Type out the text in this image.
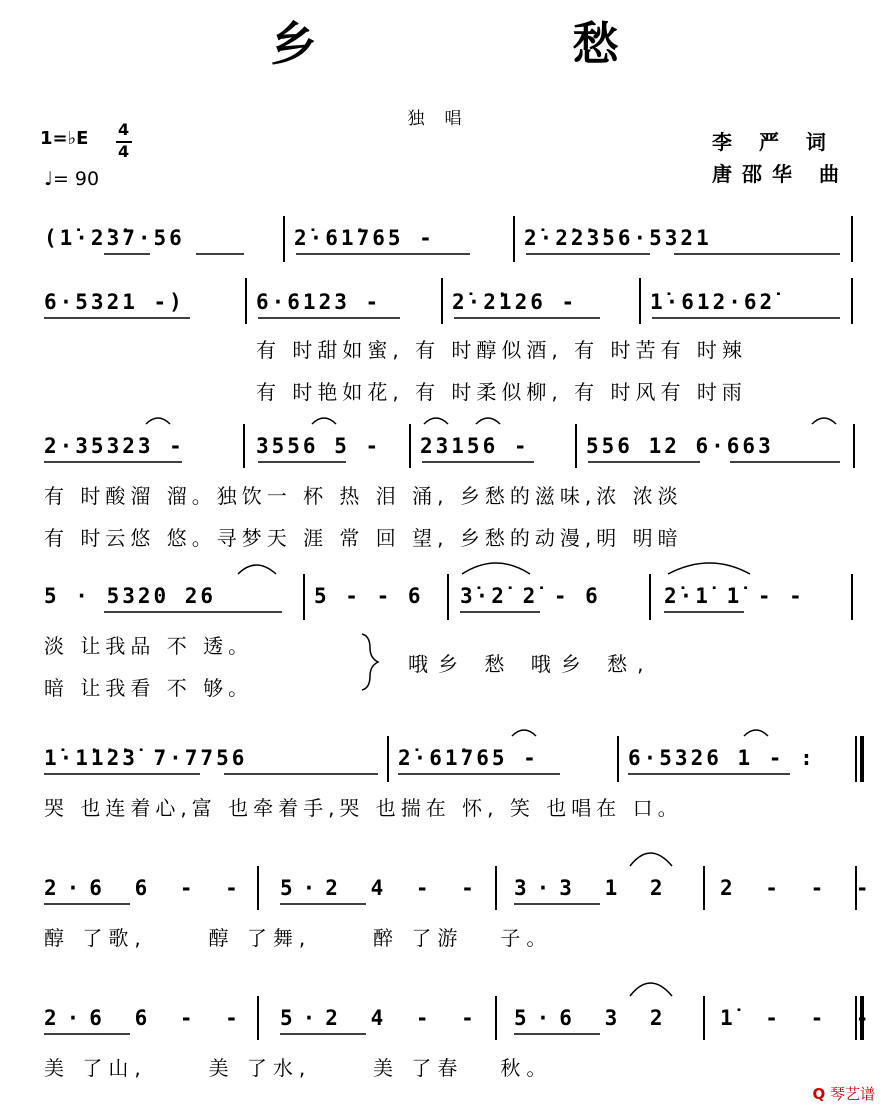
乡 愁
独唱
1=♭E 4
4
♩= 90
李 严 词
唐邵华 曲
(1̇·2̇3̇7·56	2̇·61̇765 -	2̇·2̇2̇3̇56·5321
6·5321 -)	6·6123 -	2̇·2̇126 -	1̇·612·62̇
有 时甜如蜜, 有 时醇似酒, 有 时苦有 时辣
有 时艳如花, 有 时柔似柳, 有 时风有 时雨
2·35323 -	3556 5 - 23156 -	556 12 6·663
有 时酸溜 溜。独饮一 杯 热 泪 涌, 乡愁的滋味,浓 浓淡
有 时云悠 悠。寻梦天 涯 常 回 望, 乡愁的动漫,明 明暗
5 · 5320 26	5 - - 6 3̇·2̇ 2̇ - 6	2̇·1̇ 1̇ - -
淡 让我品 不 透。
暗 让我看 不 够。
哦乡 愁 哦乡 愁,
1̇·1̇1̇2̇3̇ 7·7756	2̇·61̇765 -	6·5326 1 - :
哭 也连着心,富 也牵着手,哭 也揣在 怀, 笑 也唱在 口。
2·6 6 - - 5·2 4 - - 3·3 1 2 2 - - -
醇 了歌,     醇 了舞,     醉 了游   子。
2·6 6 - - 5·2 4 - - 5·6 3 2 1̇ - - -
美 了山,     美 了水,     美 了春   秋。
Q 琴艺谱
